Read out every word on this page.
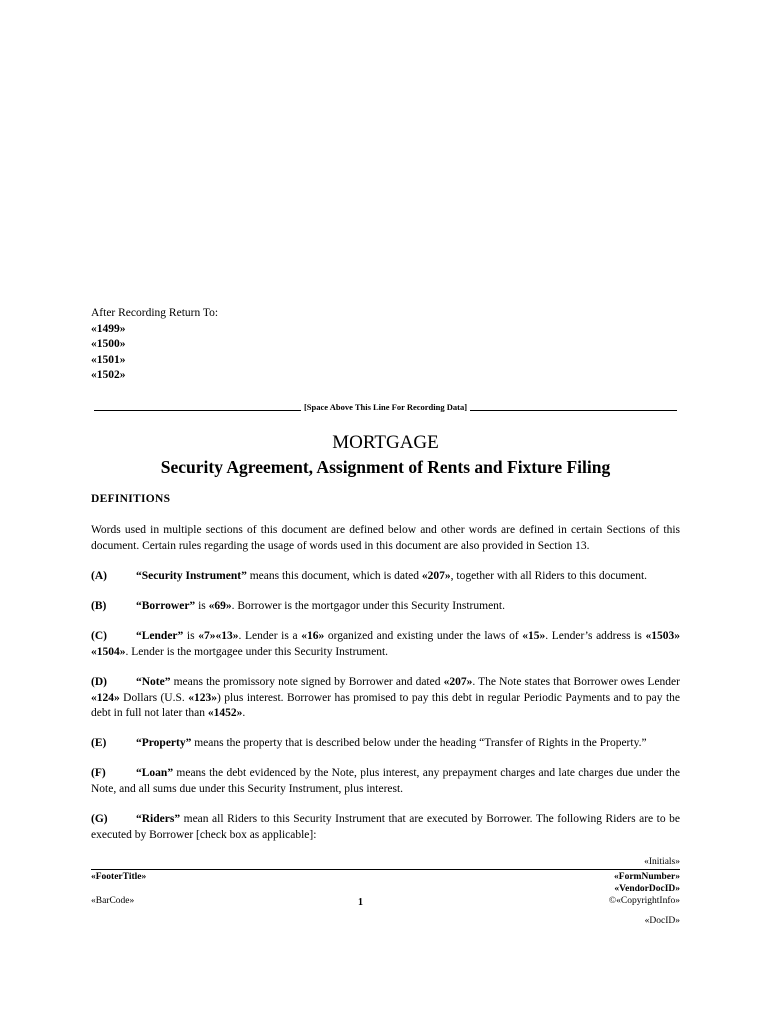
After Recording Return To:
«1499»
«1500»
«1501»
«1502»
[Space Above This Line For Recording Data]
MORTGAGE
Security Agreement, Assignment of Rents and Fixture Filing
DEFINITIONS
Words used in multiple sections of this document are defined below and other words are defined in certain Sections of this document. Certain rules regarding the usage of words used in this document are also provided in Section 13.
(A)	“Security Instrument” means this document, which is dated «207», together with all Riders to this document.
(B)	“Borrower” is «69». Borrower is the mortgagor under this Security Instrument.
(C)	“Lender” is «7»«13». Lender is a «16» organized and existing under the laws of «15». Lender’s address is «1503» «1504». Lender is the mortgagee under this Security Instrument.
(D)	“Note” means the promissory note signed by Borrower and dated «207». The Note states that Borrower owes Lender «124» Dollars (U.S. «123») plus interest. Borrower has promised to pay this debt in regular Periodic Payments and to pay the debt in full not later than «1452».
(E)	“Property” means the property that is described below under the heading “Transfer of Rights in the Property.”
(F)	“Loan” means the debt evidenced by the Note, plus interest, any prepayment charges and late charges due under the Note, and all sums due under this Security Instrument, plus interest.
(G) “Riders” mean all Riders to this Security Instrument that are executed by Borrower. The following Riders are to be executed by Borrower [check box as applicable]:
«Initials»
«FooterTitle»
«BarCode»	1
«FormNumber»
«VendorDocID»
©«CopyrightInfo»
«DocID»
